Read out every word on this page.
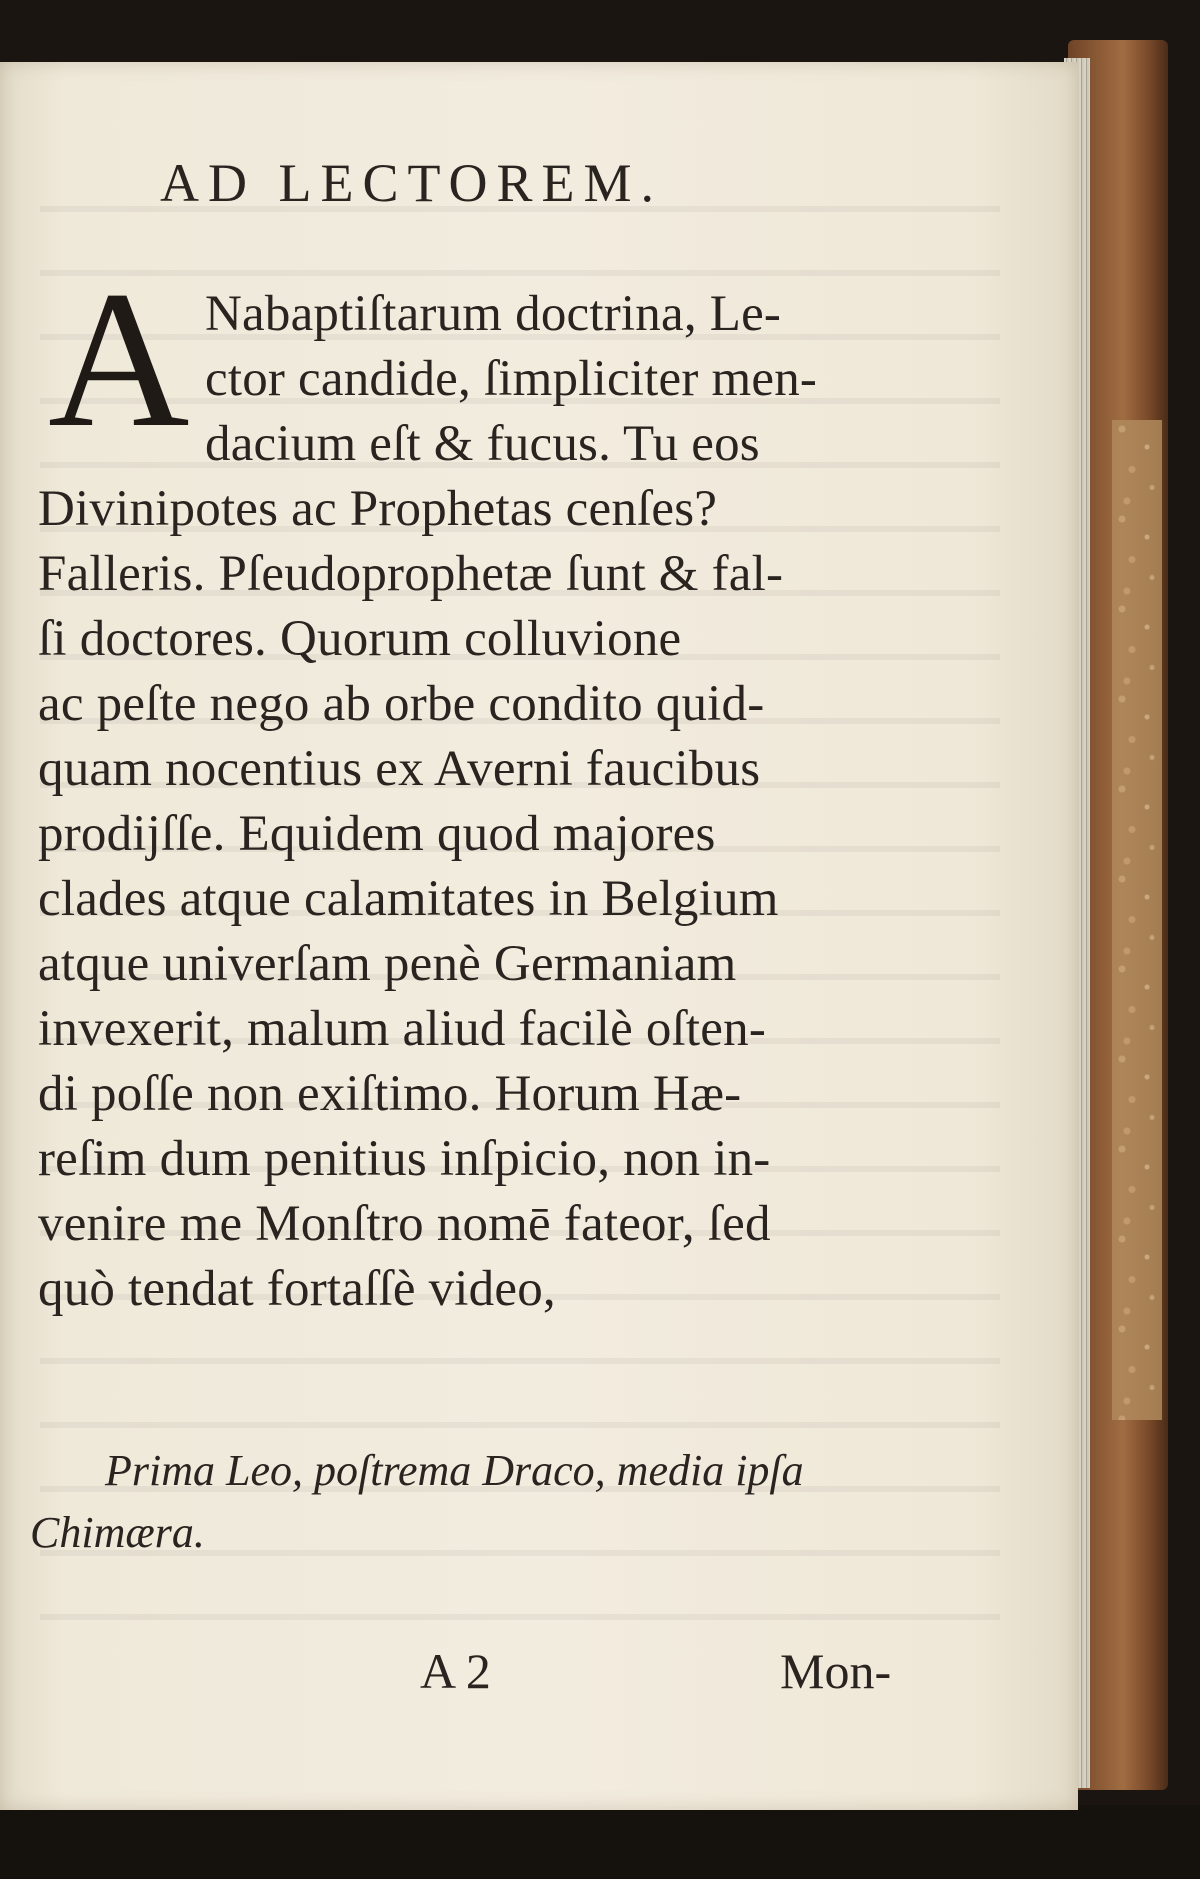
AD LECTOREM.
A Nabaptiſtarum doctrina, Le-
ctor candide, ſimpliciter men-
dacium eſt & fucus. Tu eos
Divinipotes ac Prophetas cenſes?
Falleris. Pſeudoprophetæ ſunt & fal-
ſi doctores. Quorum colluvione
ac peſte nego ab orbe condito quid-
quam nocentius ex Averni faucibus
prodijſſe. Equidem quod majores
clades atque calamitates in Belgium
atque univerſam penè Germaniam
invexerit, malum aliud facilè oſten-
di poſſe non exiſtimo. Horum Hæ-
reſim dum penitius inſpicio, non in-
venire me Monſtro nomē fateor, ſed
quò tendat fortaſſè video,
Prima Leo, poſtrema Draco, media ipſa
Chimæra.
A 2	Mon-
